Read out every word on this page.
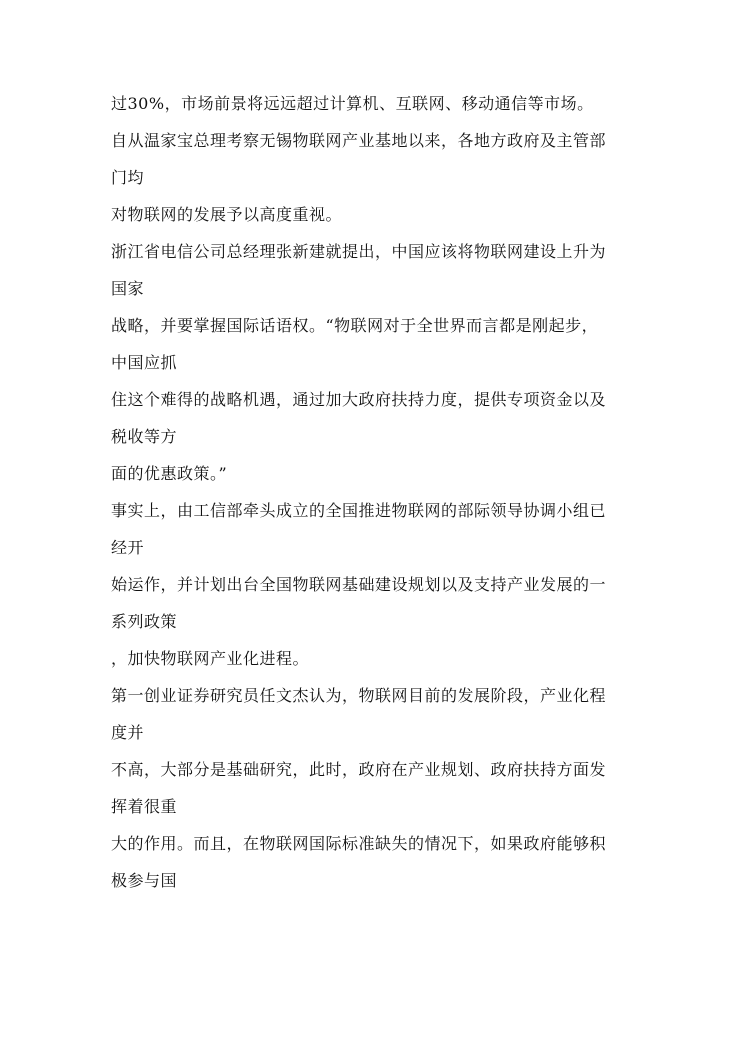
过30%，市场前景将远远超过计算机、互联网、移动通信等市场。
自从温家宝总理考察无锡物联网产业基地以来，各地方政府及主管部
门均
对物联网的发展予以高度重视。
浙江省电信公司总经理张新建就提出，中国应该将物联网建设上升为
国家
战略，并要掌握国际话语权。“物联网对于全世界而言都是刚起步，
中国应抓
住这个难得的战略机遇，通过加大政府扶持力度，提供专项资金以及
税收等方
面的优惠政策。”
事实上，由工信部牵头成立的全国推进物联网的部际领导协调小组已
经开
始运作，并计划出台全国物联网基础建设规划以及支持产业发展的一
系列政策
，加快物联网产业化进程。
第一创业证券研究员任文杰认为，物联网目前的发展阶段，产业化程
度并
不高，大部分是基础研究，此时，政府在产业规划、政府扶持方面发
挥着很重
大的作用。而且，在物联网国际标准缺失的情况下，如果政府能够积
极参与国
